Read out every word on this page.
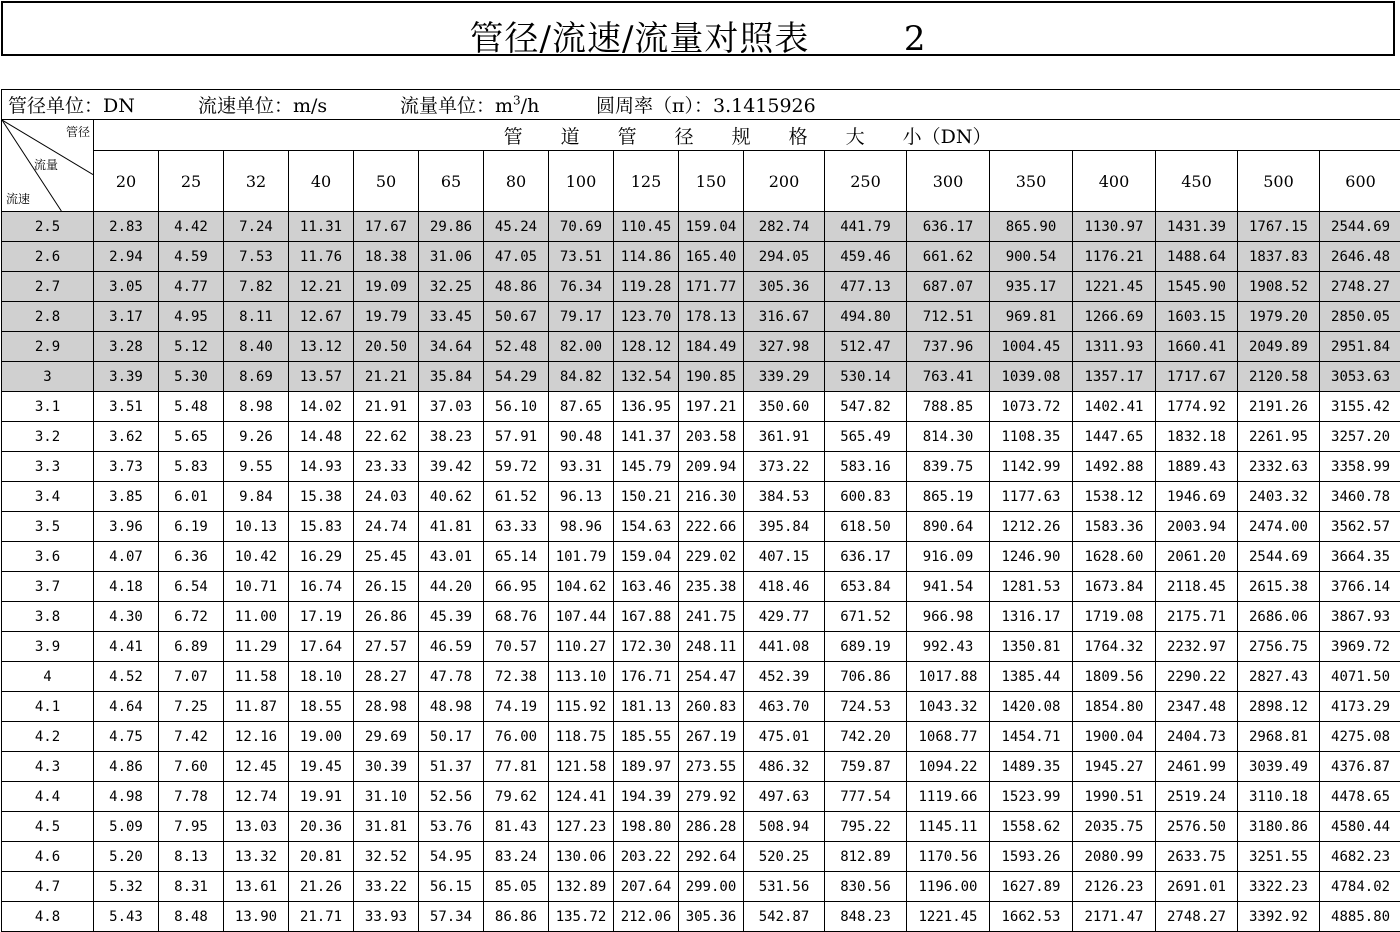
管径/流速/流量对照表	2
管径单位：DN 流速单位：m/s 流量单位：$m^3/h$ 圆周率（π）：3.1415926																		

管径
流量
流速	管　　道　　管　　径　　规　　格　　大　　小（DN）																	
	20	25	32	40	50	65	80	100	125	150	200	250	300	350	400	450	500	600
2.5	2.83	4.42	7.24	11.31	17.67	29.86	45.24	70.69	110.45	159.04	282.74	441.79	636.17	865.90	1130.97	1431.39	1767.15	2544.69
2.6	2.94	4.59	7.53	11.76	18.38	31.06	47.05	73.51	114.86	165.40	294.05	459.46	661.62	900.54	1176.21	1488.64	1837.83	2646.48
2.7	3.05	4.77	7.82	12.21	19.09	32.25	48.86	76.34	119.28	171.77	305.36	477.13	687.07	935.17	1221.45	1545.90	1908.52	2748.27
2.8	3.17	4.95	8.11	12.67	19.79	33.45	50.67	79.17	123.70	178.13	316.67	494.80	712.51	969.81	1266.69	1603.15	1979.20	2850.05
2.9	3.28	5.12	8.40	13.12	20.50	34.64	52.48	82.00	128.12	184.49	327.98	512.47	737.96	1004.45	1311.93	1660.41	2049.89	2951.84
3	3.39	5.30	8.69	13.57	21.21	35.84	54.29	84.82	132.54	190.85	339.29	530.14	763.41	1039.08	1357.17	1717.67	2120.58	3053.63
3.1	3.51	5.48	8.98	14.02	21.91	37.03	56.10	87.65	136.95	197.21	350.60	547.82	788.85	1073.72	1402.41	1774.92	2191.26	3155.42
3.2	3.62	5.65	9.26	14.48	22.62	38.23	57.91	90.48	141.37	203.58	361.91	565.49	814.30	1108.35	1447.65	1832.18	2261.95	3257.20
3.3	3.73	5.83	9.55	14.93	23.33	39.42	59.72	93.31	145.79	209.94	373.22	583.16	839.75	1142.99	1492.88	1889.43	2332.63	3358.99
3.4	3.85	6.01	9.84	15.38	24.03	40.62	61.52	96.13	150.21	216.30	384.53	600.83	865.19	1177.63	1538.12	1946.69	2403.32	3460.78
3.5	3.96	6.19	10.13	15.83	24.74	41.81	63.33	98.96	154.63	222.66	395.84	618.50	890.64	1212.26	1583.36	2003.94	2474.00	3562.57
3.6	4.07	6.36	10.42	16.29	25.45	43.01	65.14	101.79	159.04	229.02	407.15	636.17	916.09	1246.90	1628.60	2061.20	2544.69	3664.35
3.7	4.18	6.54	10.71	16.74	26.15	44.20	66.95	104.62	163.46	235.38	418.46	653.84	941.54	1281.53	1673.84	2118.45	2615.38	3766.14
3.8	4.30	6.72	11.00	17.19	26.86	45.39	68.76	107.44	167.88	241.75	429.77	671.52	966.98	1316.17	1719.08	2175.71	2686.06	3867.93
3.9	4.41	6.89	11.29	17.64	27.57	46.59	70.57	110.27	172.30	248.11	441.08	689.19	992.43	1350.81	1764.32	2232.97	2756.75	3969.72
4	4.52	7.07	11.58	18.10	28.27	47.78	72.38	113.10	176.71	254.47	452.39	706.86	1017.88	1385.44	1809.56	2290.22	2827.43	4071.50
4.1	4.64	7.25	11.87	18.55	28.98	48.98	74.19	115.92	181.13	260.83	463.70	724.53	1043.32	1420.08	1854.80	2347.48	2898.12	4173.29
4.2	4.75	7.42	12.16	19.00	29.69	50.17	76.00	118.75	185.55	267.19	475.01	742.20	1068.77	1454.71	1900.04	2404.73	2968.81	4275.08
4.3	4.86	7.60	12.45	19.45	30.39	51.37	77.81	121.58	189.97	273.55	486.32	759.87	1094.22	1489.35	1945.27	2461.99	3039.49	4376.87
4.4	4.98	7.78	12.74	19.91	31.10	52.56	79.62	124.41	194.39	279.92	497.63	777.54	1119.66	1523.99	1990.51	2519.24	3110.18	4478.65
4.5	5.09	7.95	13.03	20.36	31.81	53.76	81.43	127.23	198.80	286.28	508.94	795.22	1145.11	1558.62	2035.75	2576.50	3180.86	4580.44
4.6	5.20	8.13	13.32	20.81	32.52	54.95	83.24	130.06	203.22	292.64	520.25	812.89	1170.56	1593.26	2080.99	2633.75	3251.55	4682.23
4.7	5.32	8.31	13.61	21.26	33.22	56.15	85.05	132.89	207.64	299.00	531.56	830.56	1196.00	1627.89	2126.23	2691.01	3322.23	4784.02
4.8	5.43	8.48	13.90	21.71	33.93	57.34	86.86	135.72	212.06	305.36	542.87	848.23	1221.45	1662.53	2171.47	2748.27	3392.92	4885.80
